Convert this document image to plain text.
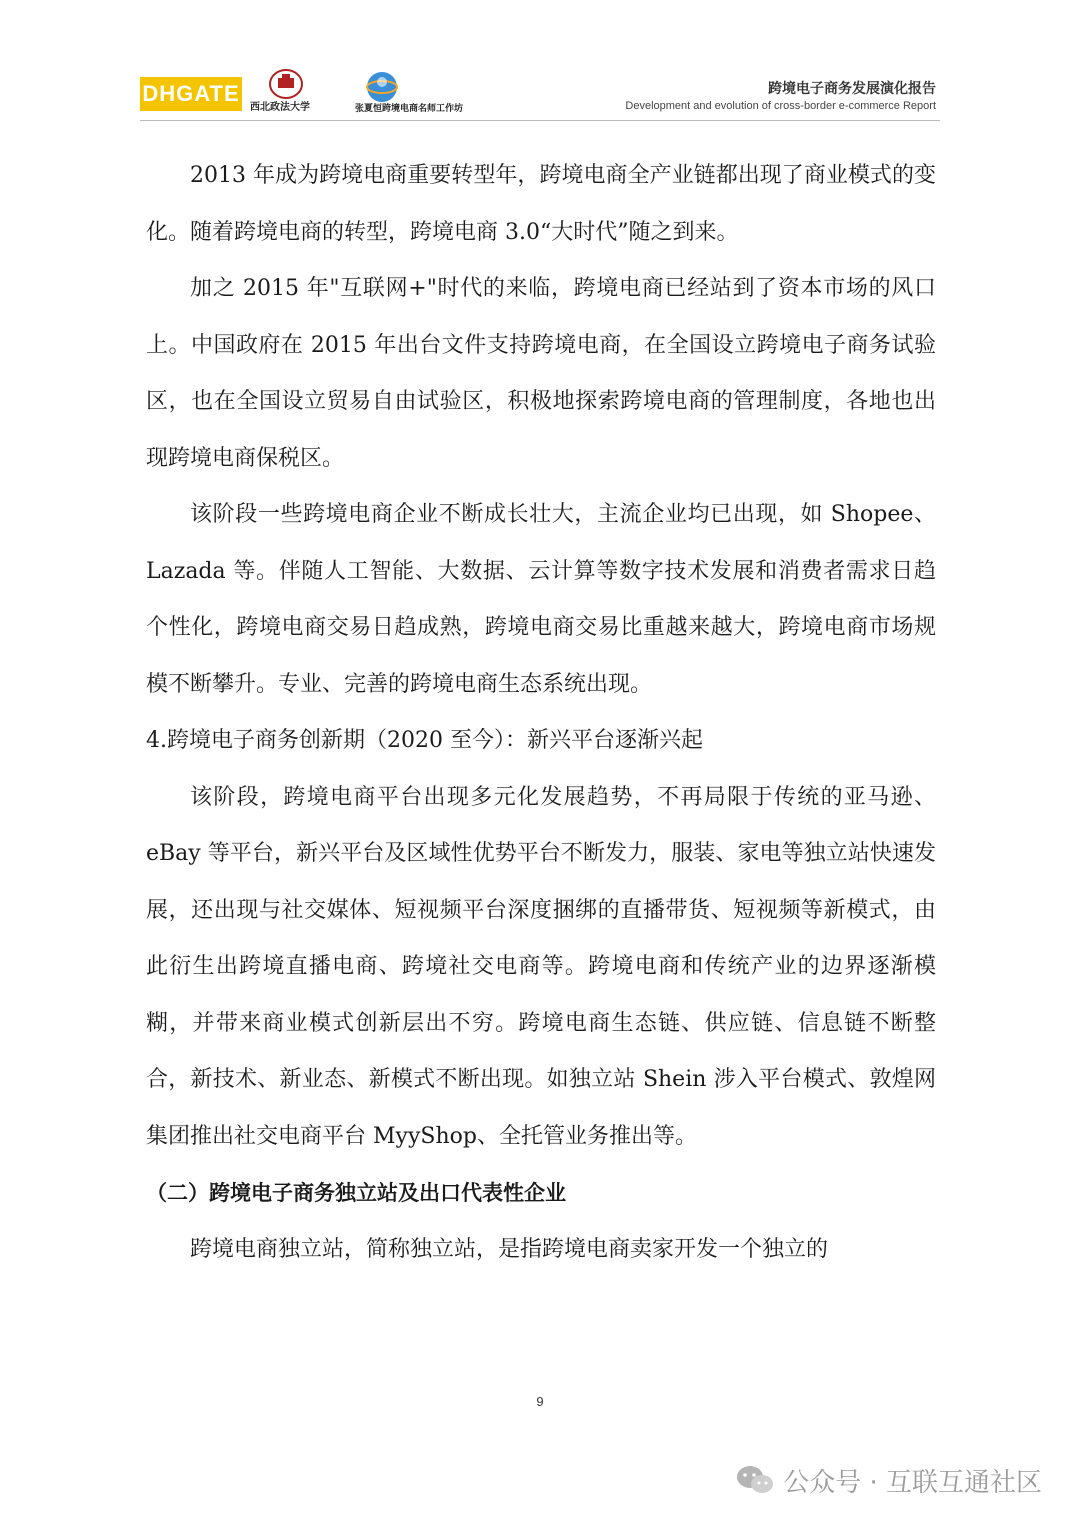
DHGATE
西北政法大学	张夏恒跨境电商名师工作坊
跨境电子商务发展演化报告
Development and evolution of cross-border e-commerce Report

2013 年成为跨境电商重要转型年，跨境电商全产业链都出现了商业模式的变化。随着跨境电商的转型，跨境电商 3.0“大时代”随之到来。

加之 2015 年"互联网+"时代的来临，跨境电商已经站到了资本市场的风口上。中国政府在 2015 年出台文件支持跨境电商，在全国设立跨境电子商务试验区，也在全国设立贸易自由试验区，积极地探索跨境电商的管理制度，各地也出现跨境电商保税区。

该阶段一些跨境电商企业不断成长壮大，主流企业均已出现，如 Shopee、Lazada 等。伴随人工智能、大数据、云计算等数字技术发展和消费者需求日趋个性化，跨境电商交易日趋成熟，跨境电商交易比重越来越大，跨境电商市场规模不断攀升。专业、完善的跨境电商生态系统出现。

4.跨境电子商务创新期（2020 至今）：新兴平台逐渐兴起

该阶段，跨境电商平台出现多元化发展趋势，不再局限于传统的亚马逊、eBay 等平台，新兴平台及区域性优势平台不断发力，服装、家电等独立站快速发展，还出现与社交媒体、短视频平台深度捆绑的直播带货、短视频等新模式，由此衍生出跨境直播电商、跨境社交电商等。跨境电商和传统产业的边界逐渐模糊，并带来商业模式创新层出不穷。跨境电商生态链、供应链、信息链不断整合，新技术、新业态、新模式不断出现。如独立站 Shein 涉入平台模式、敦煌网集团推出社交电商平台 MyyShop、全托管业务推出等。

（二）跨境电子商务独立站及出口代表性企业

跨境电商独立站，简称独立站，是指跨境电商卖家开发一个独立的

9
公众号 · 互联互通社区
